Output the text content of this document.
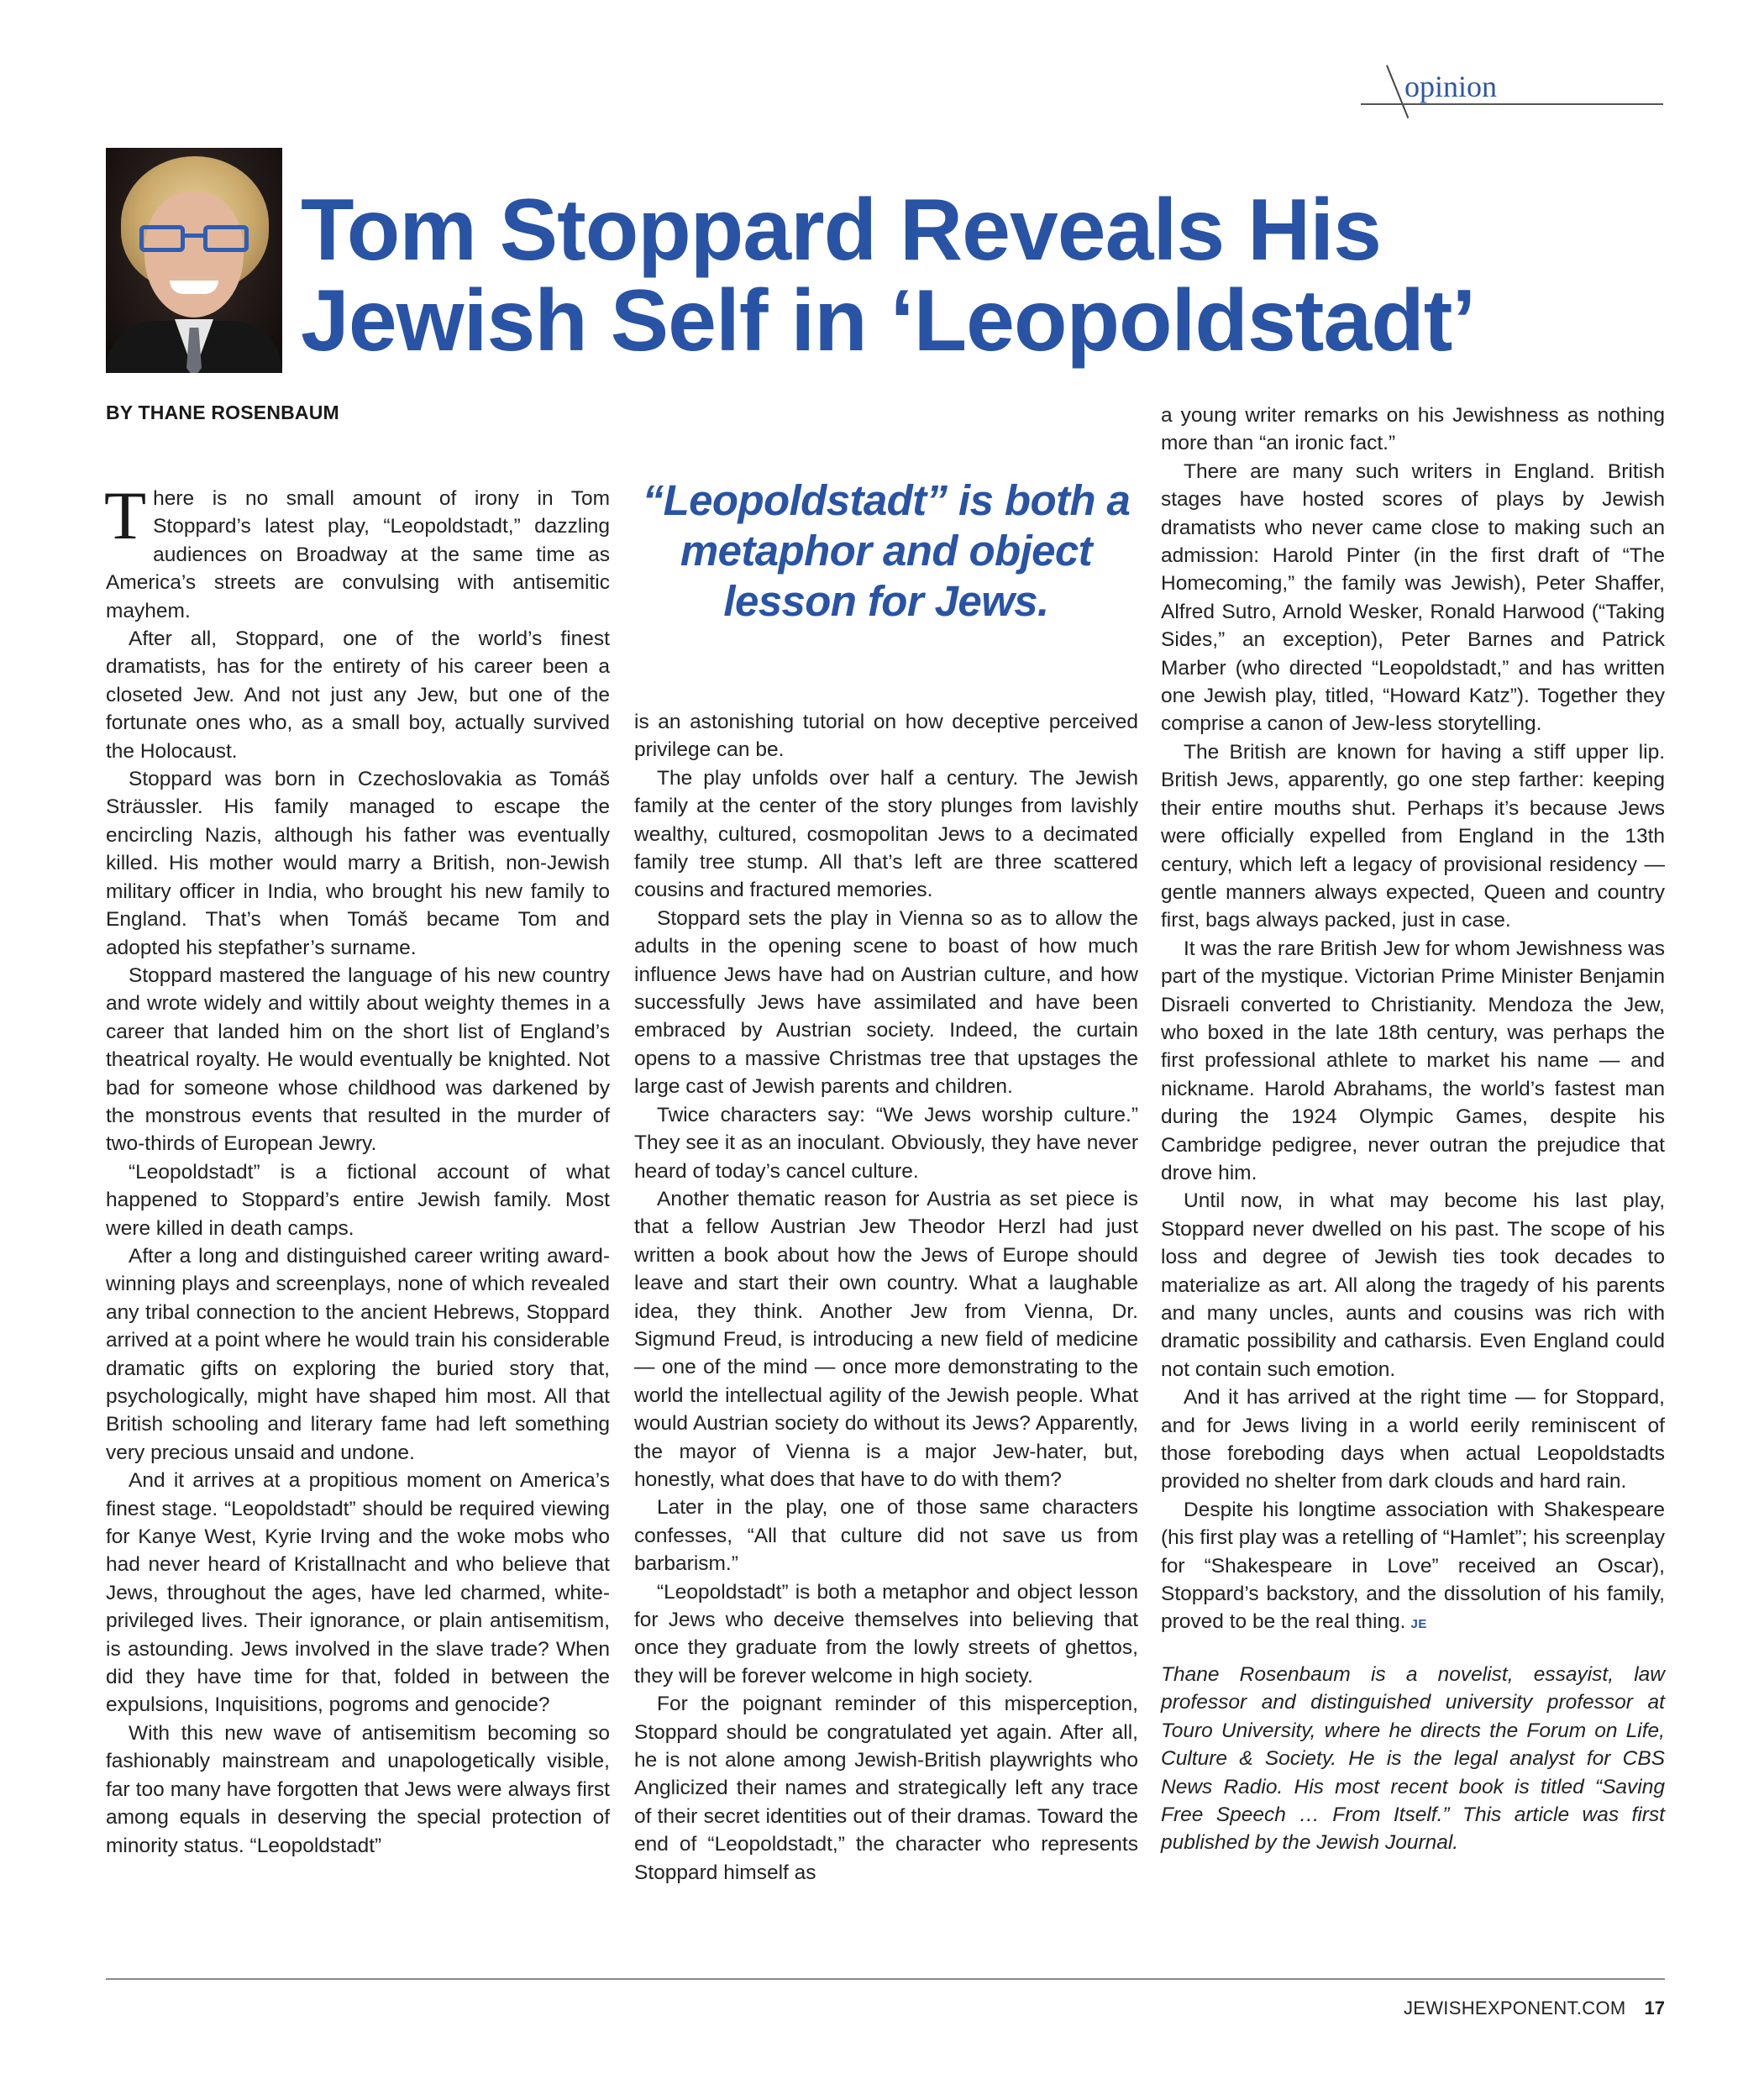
opinion
Tom Stoppard Reveals His
Jewish Self in ‘Leopoldstadt’

BY THANE ROSENBAUM

There is no small amount of irony in Tom Stoppard’s latest play, “Leopoldstadt,” dazzling audiences on Broadway at the same time as America’s streets are convulsing with antisemitic mayhem.

After all, Stoppard, one of the world’s finest dramatists, has for the entirety of his career been a closeted Jew. And not just any Jew, but one of the fortunate ones who, as a small boy, actually survived the Holocaust.

Stoppard was born in Czechoslovakia as Tomáš Sträussler. His family managed to escape the encircling Nazis, although his father was eventually killed. His mother would marry a British, non-Jewish military officer in India, who brought his new family to England. That’s when Tomáš became Tom and adopted his stepfather’s surname.

Stoppard mastered the language of his new country and wrote widely and wittily about weighty themes in a career that landed him on the short list of England’s theatrical royalty. He would eventually be knighted. Not bad for someone whose childhood was darkened by the monstrous events that resulted in the murder of two-thirds of European Jewry.

“Leopoldstadt” is a fictional account of what happened to Stoppard’s entire Jewish family. Most were killed in death camps.

After a long and distinguished career writing award-winning plays and screenplays, none of which revealed any tribal connection to the ancient Hebrews, Stoppard arrived at a point where he would train his considerable dramatic gifts on exploring the buried story that, psychologically, might have shaped him most. All that British schooling and literary fame had left something very precious unsaid and undone.

And it arrives at a propitious moment on America’s finest stage. “Leopoldstadt” should be required viewing for Kanye West, Kyrie Irving and the woke mobs who had never heard of Kristallnacht and who believe that Jews, throughout the ages, have led charmed, white-privileged lives. Their ignorance, or plain antisemitism, is astounding. Jews involved in the slave trade? When did they have time for that, folded in between the expulsions, Inquisitions, pogroms and genocide?

With this new wave of antisemitism becoming so fashionably mainstream and unapologetically visible, far too many have forgotten that Jews were always first among equals in deserving the special protection of minority status. “Leopoldstadt”

“Leopoldstadt” is both a metaphor and object lesson for Jews.

is an astonishing tutorial on how deceptive perceived privilege can be.

The play unfolds over half a century. The Jewish family at the center of the story plunges from lavishly wealthy, cultured, cosmopolitan Jews to a decimated family tree stump. All that’s left are three scattered cousins and fractured memories.

Stoppard sets the play in Vienna so as to allow the adults in the opening scene to boast of how much influence Jews have had on Austrian culture, and how successfully Jews have assimilated and have been embraced by Austrian society. Indeed, the curtain opens to a massive Christmas tree that upstages the large cast of Jewish parents and children.

Twice characters say: “We Jews worship culture.” They see it as an inoculant. Obviously, they have never heard of today’s cancel culture.

Another thematic reason for Austria as set piece is that a fellow Austrian Jew Theodor Herzl had just written a book about how the Jews of Europe should leave and start their own country. What a laughable idea, they think. Another Jew from Vienna, Dr. Sigmund Freud, is introducing a new field of medicine — one of the mind — once more demonstrating to the world the intellectual agility of the Jewish people. What would Austrian society do without its Jews? Apparently, the mayor of Vienna is a major Jew-hater, but, honestly, what does that have to do with them?

Later in the play, one of those same characters confesses, “All that culture did not save us from barbarism.”

“Leopoldstadt” is both a metaphor and object lesson for Jews who deceive themselves into believing that once they graduate from the lowly streets of ghettos, they will be forever welcome in high society.

For the poignant reminder of this misperception, Stoppard should be congratulated yet again. After all, he is not alone among Jewish-British playwrights who Anglicized their names and strategically left any trace of their secret identities out of their dramas. Toward the end of “Leopoldstadt,” the character who represents Stoppard himself as

a young writer remarks on his Jewishness as nothing more than “an ironic fact.”

There are many such writers in England. British stages have hosted scores of plays by Jewish dramatists who never came close to making such an admission: Harold Pinter (in the first draft of “The Homecoming,” the family was Jewish), Peter Shaffer, Alfred Sutro, Arnold Wesker, Ronald Harwood (“Taking Sides,” an exception), Peter Barnes and Patrick Marber (who directed “Leopoldstadt,” and has written one Jewish play, titled, “Howard Katz”). Together they comprise a canon of Jew-less storytelling.

The British are known for having a stiff upper lip. British Jews, apparently, go one step farther: keeping their entire mouths shut. Perhaps it’s because Jews were officially expelled from England in the 13th century, which left a legacy of provisional residency — gentle manners always expected, Queen and country first, bags always packed, just in case.

It was the rare British Jew for whom Jewishness was part of the mystique. Victorian Prime Minister Benjamin Disraeli converted to Christianity. Mendoza the Jew, who boxed in the late 18th century, was perhaps the first professional athlete to market his name — and nickname. Harold Abrahams, the world’s fastest man during the 1924 Olympic Games, despite his Cambridge pedigree, never outran the prejudice that drove him.

Until now, in what may become his last play, Stoppard never dwelled on his past. The scope of his loss and degree of Jewish ties took decades to materialize as art. All along the tragedy of his parents and many uncles, aunts and cousins was rich with dramatic possibility and catharsis. Even England could not contain such emotion.

And it has arrived at the right time — for Stoppard, and for Jews living in a world eerily reminiscent of those foreboding days when actual Leopoldstadts provided no shelter from dark clouds and hard rain.

Despite his longtime association with Shakespeare (his first play was a retelling of “Hamlet”; his screenplay for “Shakespeare in Love” received an Oscar), Stoppard’s backstory, and the dissolution of his family, proved to be the real thing. JE

Thane Rosenbaum is a novelist, essayist, law professor and distinguished university professor at Touro University, where he directs the Forum on Life, Culture & Society. He is the legal analyst for CBS News Radio. His most recent book is titled “Saving Free Speech … From Itself.” This article was first published by the Jewish Journal.

JEWISHEXPONENT.COM 17
